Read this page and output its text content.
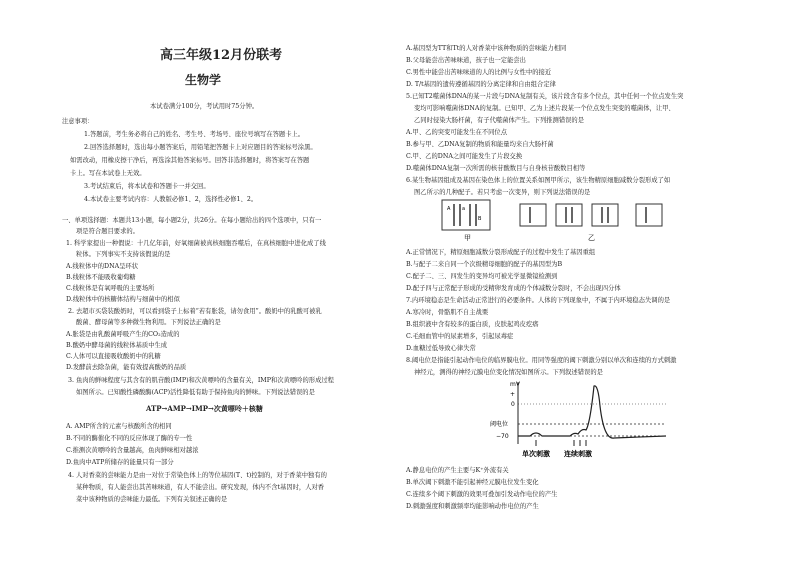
高三年级12月份联考
生物学
本试卷满分100分，考试用时75分钟。
注意事项：
1.答题前，考生务必将自己的姓名、考生号、考场号、座位号填写在答题卡上。
2.回答选择题时，选出每小题答案后，用铅笔把答题卡上对应题目的答案标号涂黑。
如需改动，用橡皮擦干净后，再选涂其他答案标号。回答非选择题时，将答案写在答题
卡上。写在本试卷上无效。
3.考试结束后，将本试卷和答题卡一并交回。
4.本试卷主要考试内容：人教版必修1、2，选择性必修1、2。
一、单项选择题：本题共13小题，每小题2分，共26分。在每小题给出的四个选项中，只有一
项是符合题目要求的。
1. 科学家提出一种假说：十几亿年前，好氧细菌被真核细胞吞噬后，在真核细胞中进化成了线
粒体。下列事实不支持该假说的是
A.线粒体中的DNA呈环状
B.线粒体不能吸收葡萄糖
C.线粒体是有氧呼吸的主要场所
D.线粒体中的核糖体结构与细菌中的相似
2. 去超市买袋装酸奶时，可以看到袋子上标着“若有胀袋，请勿食用”。酸奶中的乳酸可被乳
酸菌、酵母菌等多种微生物利用。下列说法正确的是
A.胀袋是由乳酸菌呼吸产生的CO₂造成的
B.酸奶中酵母菌的线粒体基质中生成
C.人体可以直接吸收酸奶中的乳糖
D.发酵前去除杂菌，能有效提高酸奶的品质
3. 鱼肉的鲜味程度与其含有的肌苷酸(IMP)和次黄嘌呤的含量有关，IMP和次黄嘌呤的形成过程
如图所示。已知酸性磷酸酶(ACP)活性降低有助于保持鱼肉的鲜味。下列说法错误的是
ATP→AMP→IMP→次黄嘌呤＋核糖
A. AMP所含的元素与核酸所含的相同
B.不同的酶催化不同的反应体现了酶的专一性
C.推测次黄嘌呤的含量越高，鱼肉鲜味相对越浓
D.鱼肉中ATP所储存的能量只有一部分
4. 人对香菜的尝味能力是由一对位于常染色体上的等位基因(T、t)控制的，对于香菜中独有的
某种物质，有人能尝出其苦味味道，有人不能尝出。研究发现，体内不含t基因时，人对香
菜中该种物质的尝味能力最低。下列有关叙述正确的是
A.基因型为TT和Tt的人对香菜中该种物质的尝味能力相同
B.父母能尝出苦味味道，孩子也一定能尝出
C.男性中能尝出苦味味道的人的比例与女性中的接近
D. T/t基因的遗传遵循基因的分离定律和自由组合定律
5.已知T2噬菌体DNA的某一片段与DNA复制有关，该片段含有多个位点，其中任何一个位点发生突
变均可影响噬菌体DNA的复制。已知甲、乙为上述片段某一个位点发生突变的噬菌体，让甲、
乙同时侵染大肠杆菌，有子代噬菌体产生。下列推测错误的是
A.甲、乙的突变可能发生在不同位点
B.参与甲、乙DNA复制的物质和能量均来自大肠杆菌
C.甲、乙的DNA之间可能发生了片段交换
D.噬菌体DNA复制一次所需的核苷酸数目与自身核苷酸数目相等
6.某生物基因组成及基因在染色体上的位置关系如图甲所示，该生物精原细胞减数分裂形成了如
图乙所示的几种配子。若只考虑一次变异，则下列说法错误的是
A a
B
甲	乙
A.正常情况下，精原细胞减数分裂形成配子的过程中发生了基因重组
B.与配子二来自同一个次级精母细胞的配子的基因型为B
C.配子二、三、四发生的变异均可被光学显微镜检测到
D.配子四与正常配子形成的受精卵发育成的个体减数分裂时，不会出现四分体
7.内环境稳态是生命活动正常进行的必要条件。人体的下列现象中，不属于内环境稳态失调的是
A.寒冷时，骨骼肌不自主战栗
B.组织液中含有较多的蛋白质，皮肤起鸡皮疙瘩
C.毛细血管中的尿素增多，引起尿毒症
D.血糖过低导致心律失常
8.阈电位是指能引起动作电位的临界膜电位。用同等强度的阈下刺激分别以单次和连续的方式刺激
神经元，测得的神经元膜电位变化情况如图所示。下列叙述错误的是
mV
+
0
阈电位
−70
单次刺激 连续刺激
A.静息电位的产生主要与K⁺外流有关
B.单次阈下刺激不能引起神经元膜电位发生变化
C.连续多个阈下刺激的效果可叠加引发动作电位的产生
D.刺激强度和刺激频率均能影响动作电位的产生
